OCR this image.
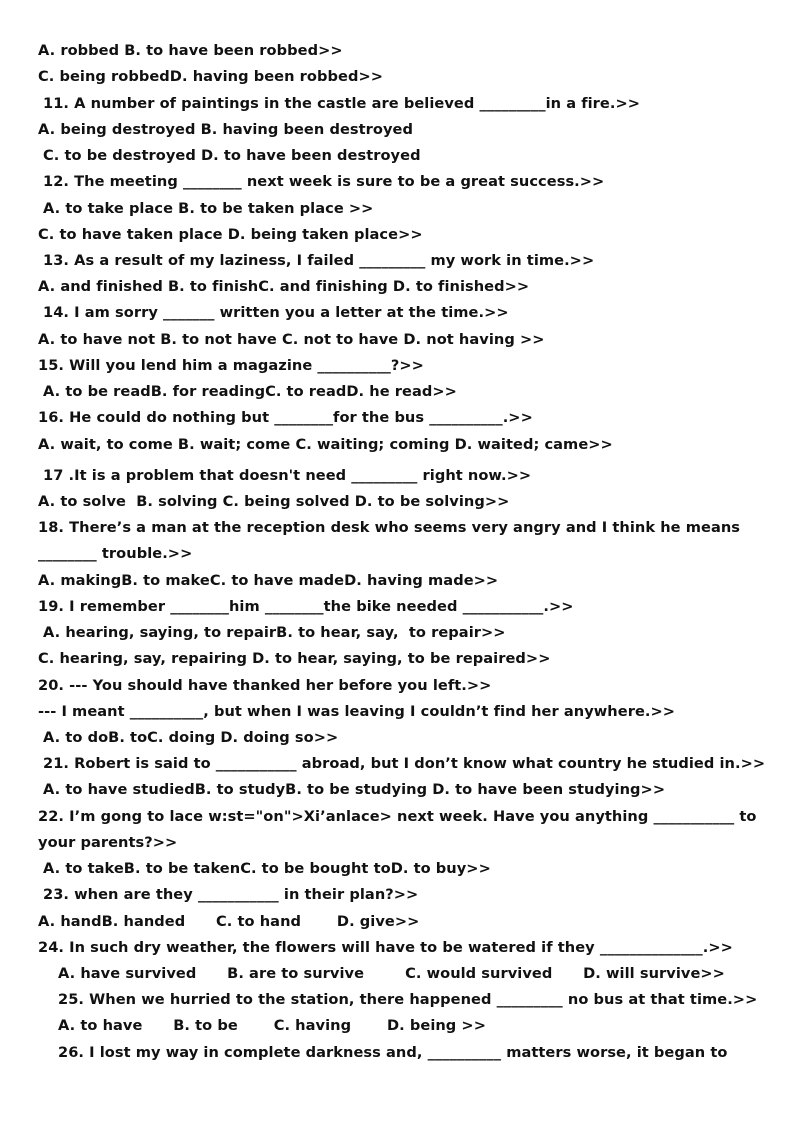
A. robbed B. to have been robbed>>
C. being robbedD. having been robbed>>
11. A number of paintings in the castle are believed _________in a fire.>>
A. being destroyed B. having been destroyed
C. to be destroyed D. to have been destroyed
12. The meeting ________ next week is sure to be a great success.>>
A. to take place B. to be taken place >>
C. to have taken place D. being taken place>>
13. As a result of my laziness, I failed _________ my work in time.>>
A. and finished B. to finishC. and finishing D. to finished>>
14. I am sorry _______ written you a letter at the time.>>
A. to have not B. to not have C. not to have D. not having >>
15. Will you lend him a magazine __________?>>
A. to be readB. for readingC. to readD. he read>>
16. He could do nothing but ________for the bus __________.>>
A. wait, to come B. wait; come C. waiting; coming D. waited; came>>
17 .It is a problem that doesn't need _________ right now.>>
A. to solve  B. solving C. being solved D. to be solving>>
18. There’s a man at the reception desk who seems very angry and I think he means
________ trouble.>>
A. makingB. to makeC. to have madeD. having made>>
19. I remember ________him ________the bike needed ___________.>>
A. hearing, saying, to repairB. to hear, say,  to repair>>
C. hearing, say, repairing D. to hear, saying, to be repaired>>
20. --- You should have thanked her before you left.>>
--- I meant __________, but when I was leaving I couldn’t find her anywhere.>>
A. to doB. toC. doing D. doing so>>
21. Robert is said to ___________ abroad, but I don’t know what country he studied in.>>
A. to have studiedB. to studyB. to be studying D. to have been studying>>
22. I’m gong to lace w:st="on">Xi’anlace> next week. Have you anything ___________ to
your parents?>>
A. to takeB. to be takenC. to be bought toD. to buy>>
23. when are they ___________ in their plan?>>
A. handB. handed      C. to hand       D. give>>
24. In such dry weather, the flowers will have to be watered if they ______________.>>
A. have survived      B. are to survive        C. would survived      D. will survive>>
25. When we hurried to the station, there happened _________ no bus at that time.>>
A. to have      B. to be       C. having       D. being >>
26. I lost my way in complete darkness and, __________ matters worse, it began to
